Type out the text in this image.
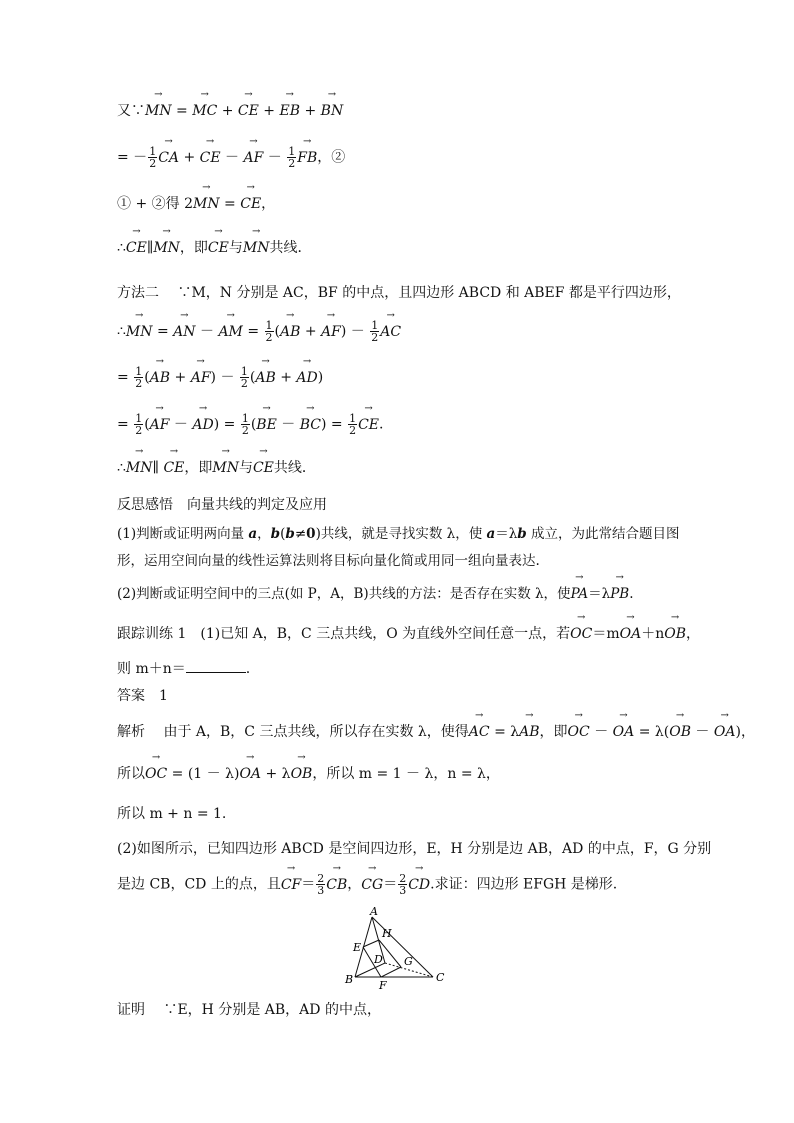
又∵→ MN = → MC + → CE + → EB + → BN
= － $\frac{1}{2}$ → CA + → CE － → AF － $\frac{1}{2}$ → FB，②
① + ②得 2→ MN = → CE，
∴→ CE∥→ MN，即→ CE与→ MN共线．
方法二 　∵M，N 分别是 AC，BF 的中点，且四边形 ABCD 和 ABEF 都是平行四边形，
∴→ MN = → AN － → AM = $\frac{1}{2}$ (→ AB + → $AF) - \frac{1}{2}$ → AC
= $\frac{1}{2}$ (→ AB + → $AF) - \frac{1}{2}$ (→ AB + → AD)
= $\frac{1}{2}$ (→ AF － → $AD) = \frac{1}{2}$ (→ BE － → $BC) = \frac{1}{2}$ → CE.
∴→ MN∥ → CE，即→ MN与→ CE共线．
反思感悟　 向量共线的判定及应用
(1)判断或证明两向量 a，b(b≠0)共线，就是寻找实数 λ，使 a＝λb 成立，为此常结合题目图形，运用空间向量的线性运算法则将目标向量化简或用同一组向量表达.
(2)判断或证明空间中的三点(如 P，A，B)共线的方法：是否存在实数 λ，使→ PA＝λ→ PB.
跟踪训练 1　(1)已知 A，B，C 三点共线，O 为直线外空间任意一点，若→ OC＝m→ OA＋n→ OB，
则 m＋n＝	.
答案　 1
解析 　由于 A，B，C 三点共线，所以存在实数 λ，使得→ AC = λ→ AB，即→ OC － → OA = λ(→ OB － → OA)，
所以→ OC = (1 － λ)→ OA + λ→ OB，所以 m = 1 － λ，n = λ，
所以 m + n = 1.
(2)如图所示，已知四边形 ABCD 是空间四边形，E，H 分别是边 AB，AD 的中点，F，G 分别
是边 CB，CD 上的点，且→ $CF= \frac{2}{3}$ → CB，→ $CG= \frac{2}{3}$ → CD.求证：四边形 EFGH 是梯形.
A
B	C
D
E
F
G
H
证明 　∵E，H 分别是 AB，AD 的中点，
